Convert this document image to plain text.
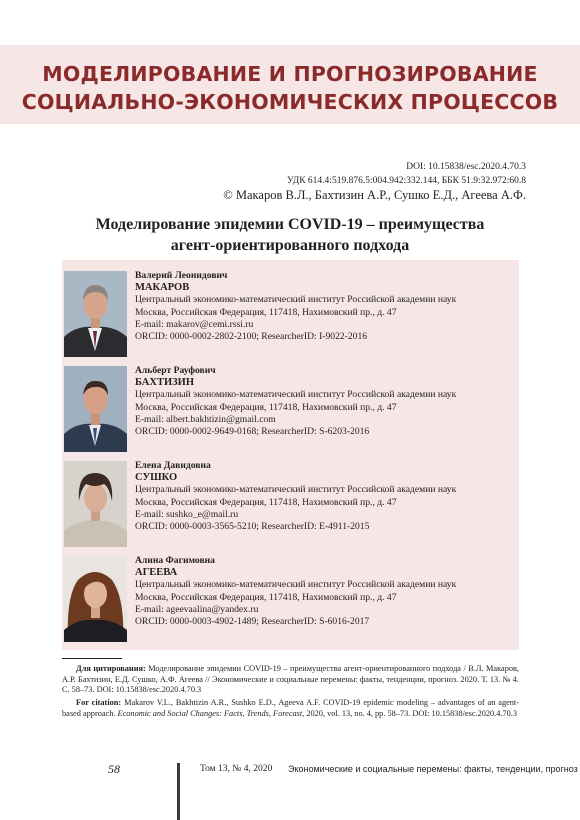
МОДЕЛИРОВАНИЕ И ПРОГНОЗИРОВАНИЕ
СОЦИАЛЬНО-ЭКОНОМИЧЕСКИХ ПРОЦЕССОВ
DOI: 10.15838/esc.2020.4.70.3
УДК 614.4:519.876.5:004.942:332.144, ББК 51.9:32.972:60.8
© Макаров В.Л., Бахтизин А.Р., Сушко Е.Д., Агеева А.Ф.
Моделирование эпидемии COVID-19 – преимущества
агент-ориентированного подхода
Валерий Леонидович
МАКАРОВ
Центральный экономико-математический институт Российской академии наук
Москва, Российская Федерация, 117418, Нахимовский пр., д. 47
E-mail: makarov@cemi.rssi.ru
ORCID: 0000-0002-2802-2100; ResearcherID: I-9022-2016
Альберт Рауфович
БАХТИЗИН
Центральный экономико-математический институт Российской академии наук
Москва, Российская Федерация, 117418, Нахимовский пр., д. 47
E-mail: albert.bakhtizin@gmail.com
ORCID: 0000-0002-9649-0168; ResearcherID: S-6203-2016
Елена Давидовна
СУШКО
Центральный экономико-математический институт Российской академии наук
Москва, Российская Федерация, 117418, Нахимовский пр., д. 47
E-mail: sushko_e@mail.ru
ORCID: 0000-0003-3565-5210; ResearcherID: E-4911-2015
Алина Фагимовна
АГЕЕВА
Центральный экономико-математический институт Российской академии наук
Москва, Российская Федерация, 117418, Нахимовский пр., д. 47
E-mail: ageevaalina@yandex.ru
ORCID: 0000-0003-4902-1489; ResearcherID: S-6016-2017
Для цитирования: Моделирование эпидемии COVID-19 – преимущества агент-ориентированного подхода / В.Л. Макаров, А.Р. Бахтизин, Е.Д. Сушко, А.Ф. Агеева // Экономические и социальные перемены: факты, тенденции, прогноз. 2020. Т. 13. № 4. С. 58–73. DOI: 10.15838/esc.2020.4.70.3
For citation: Makarov V.L., Bakhtizin A.R., Sushko E.D., Ageeva A.F. COVID-19 epidemic modeling – advantages of an agent-based approach. Economic and Social Changes: Facts, Trends, Forecast, 2020, vol. 13, no. 4, pp. 58–73. DOI: 10.15838/esc.2020.4.70.3
58	Том 13, № 4, 2020 Экономические и социальные перемены: факты, тенденции, прогноз
